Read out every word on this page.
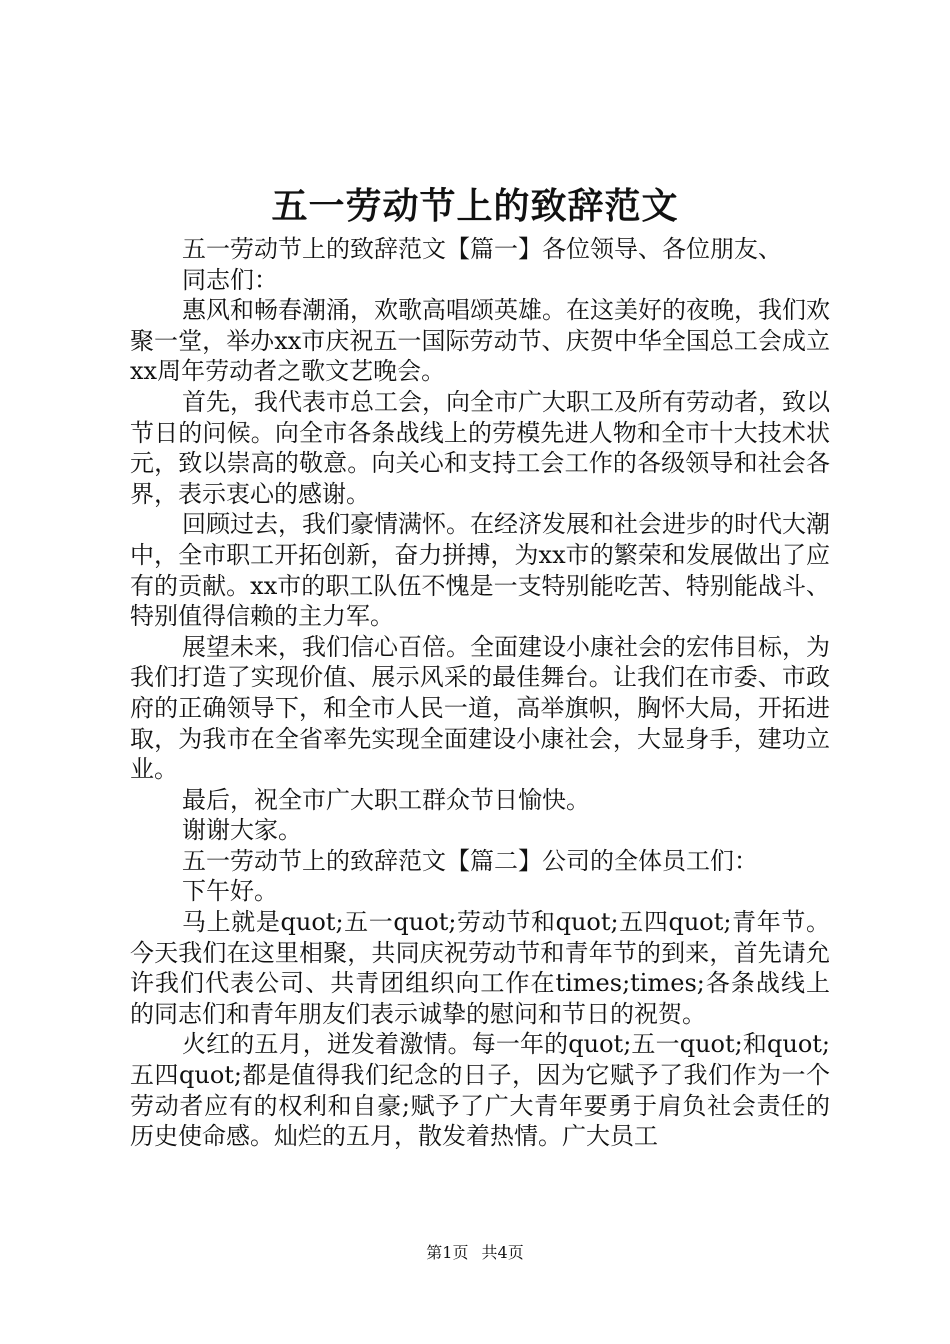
五一劳动节上的致辞范文

五一劳动节上的致辞范文【篇一】各位领导、各位朋友、

同志们：

惠风和畅春潮涌，欢歌高唱颂英雄。在这美好的夜晚，我们欢聚一堂，举办xx市庆祝五一国际劳动节、庆贺中华全国总工会成立xx周年劳动者之歌文艺晚会。

首先，我代表市总工会，向全市广大职工及所有劳动者，致以节日的问候。向全市各条战线上的劳模先进人物和全市十大技术状元，致以崇高的敬意。向关心和支持工会工作的各级领导和社会各界，表示衷心的感谢。

回顾过去，我们豪情满怀。在经济发展和社会进步的时代大潮中，全市职工开拓创新，奋力拼搏，为xx市的繁荣和发展做出了应有的贡献。xx市的职工队伍不愧是一支特别能吃苦、特别能战斗、特别值得信赖的主力军。

展望未来，我们信心百倍。全面建设小康社会的宏伟目标，为我们打造了实现价值、展示风采的最佳舞台。让我们在市委、市政府的正确领导下，和全市人民一道，高举旗帜，胸怀大局，开拓进取，为我市在全省率先实现全面建设小康社会，大显身手，建功立业。

最后，祝全市广大职工群众节日愉快。

谢谢大家。

五一劳动节上的致辞范文【篇二】公司的全体员工们：

下午好。

马上就是quot;五一quot;劳动节和quot;五四quot;青年节。今天我们在这里相聚，共同庆祝劳动节和青年节的到来，首先请允许我们代表公司、共青团组织向工作在times;times;各条战线上的同志们和青年朋友们表示诚挚的慰问和节日的祝贺。

火红的五月，迸发着激情。每一年的quot;五一quot;和quot;五四quot;都是值得我们纪念的日子，因为它赋予了我们作为一个劳动者应有的权利和自豪;赋予了广大青年要勇于肩负社会责任的历史使命感。灿烂的五月，散发着热情。广大员工

第1页 共4页
